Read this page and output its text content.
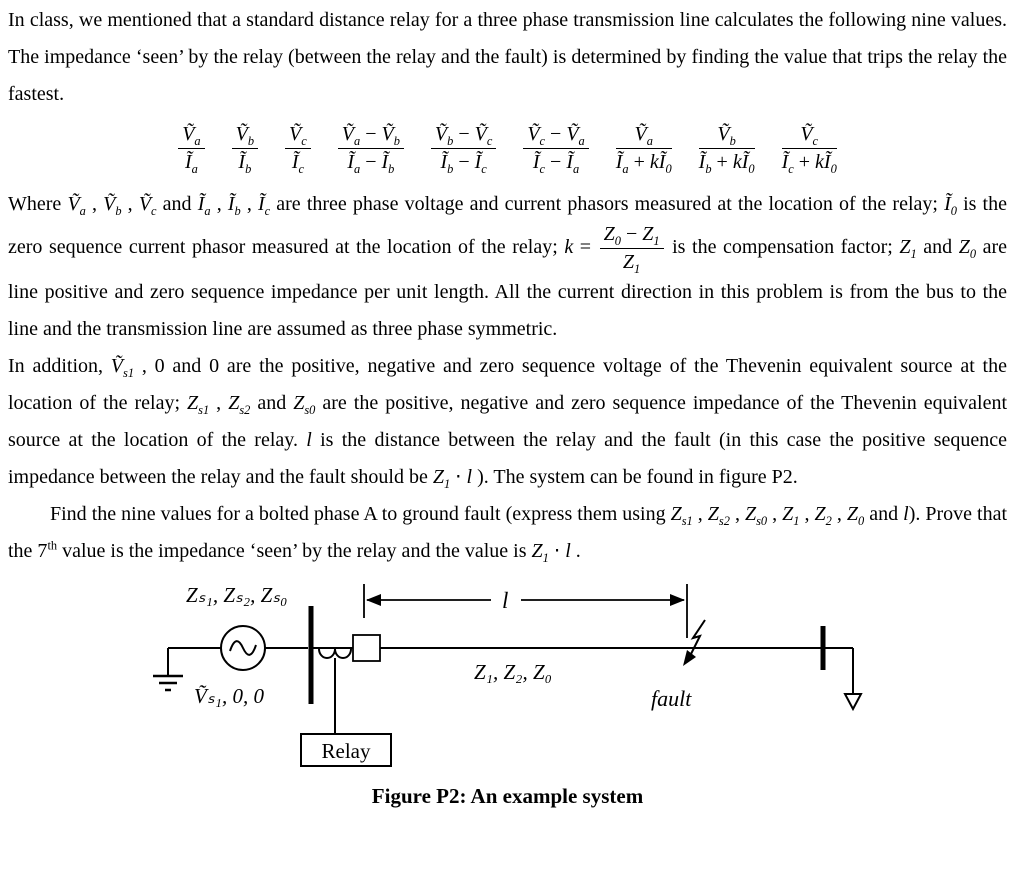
In class, we mentioned that a standard distance relay for a three phase transmission line calculates the following nine values. The impedance ‘seen’ by the relay (between the relay and the fault) is determined by finding the value that trips the relay the fastest.

$\frac{Ṽ_a}{Ĩ_a} \frac{Ṽ_b}{Ĩ_b} \frac{Ṽ_c}{Ĩ_c} \frac{Ṽ_a - Ṽ_b}{Ĩ_a - Ĩ_b} \frac{Ṽ_b - Ṽ_c}{Ĩ_b - Ĩ_c} \frac{Ṽ_c - Ṽ_a}{Ĩ_c - Ĩ_a} \frac{Ṽ_a}{Ĩ_a + kĨ_0} \frac{Ṽ_b}{Ĩ_b + kĨ_0} \frac{Ṽ_c}{Ĩ_c + kĨ_0}$

Where Ṽ$_a$ , Ṽ$_b$ , Ṽ$_c$ and $Ĩ_a$ , $Ĩ_b$ , $Ĩ_c$ are three phase voltage and current phasors measured at the location of the relay; $Ĩ_0$ is the zero sequence current phasor measured at the location of the relay; $k = \frac{Z_0 - Z_1}{Z_1}$ is the compensation factor; $Z_1$ and $Z_0$ are line positive and zero sequence impedance per unit length. All the current direction in this problem is from the bus to the line and the transmission line are assumed as three phase symmetric.

In addition, Ṽ$_{s1}$ , 0 and 0 are the positive, negative and zero sequence voltage of the Thevenin equivalent source at the location of the relay; $Z_{s1}$ , $Z_{s2}$ and $Z_{s0}$ are the positive, negative and zero sequence impedance of the Thevenin equivalent source at the location of the relay. l is the distance between the relay and the fault (in this case the positive sequence impedance between the relay and the fault should be $Z_1 \cdot l$ ). The system can be found in figure P2.

Find the nine values for a bolted phase A to ground fault (express them using $Z_{s1}$ , $Z_{s2}$ , $Z_{s0}$ , $Z_1$ , $Z_2$ , $Z_0$ and l). Prove that the 7th value is the impedance ‘seen’ by the relay and the value is $Z_1 \cdot l$ .

Zₛ₁, Zₛ₂, Zₛ₀
Ṽₛ₁, 0, 0
l
Z₁, Z₂, Z₀
fault
Relay
Figure P2: An example system
